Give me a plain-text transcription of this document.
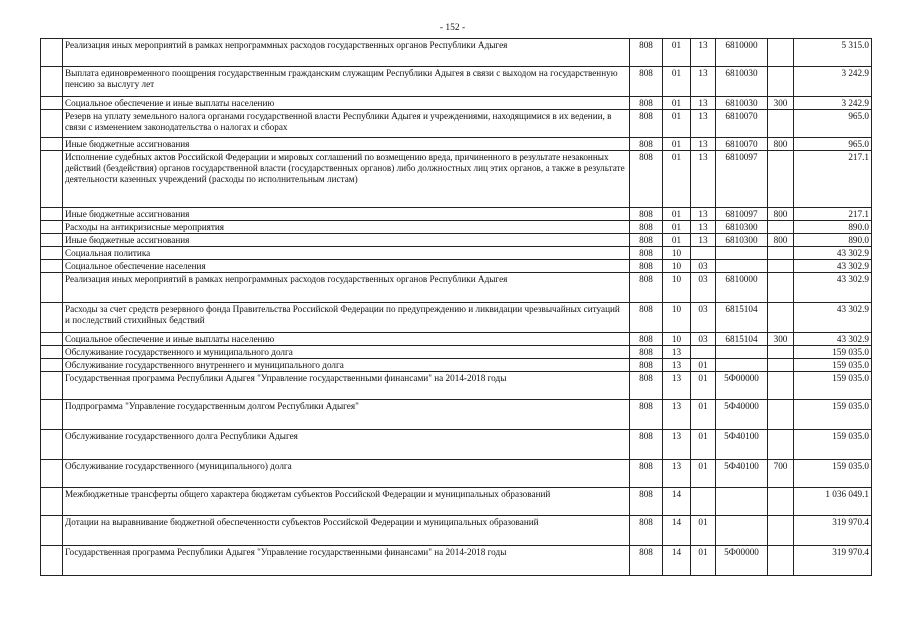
- 152 -
	Реализация иных мероприятий в рамках непрограммных расходов государственных органов Республики Адыгея	808	01	13	6810000		5 315.0
	Выплата единовременного поощрения государственным гражданским служащим Республики Адыгея в связи с выходом на государственную пенсию за выслугу лет	808	01	13	6810030		3 242.9
	Социальное обеспечение и иные выплаты населению	808	01	13	6810030	300	3 242.9
	Резерв на уплату земельного налога органами государственной власти Республики Адыгея и учреждениями, находящимися в их ведении, в связи с изменением законодательства о налогах и сборах	808	01	13	6810070		965.0
	Иные бюджетные ассигнования	808	01	13	6810070	800	965.0
	Исполнение судебных актов Российской Федерации и мировых соглашений по возмещению вреда, причиненного в результате незаконных действий (бездействия) органов государственной власти (государственных органов) либо должностных лиц этих органов, а также в результате деятельности казенных учреждений (расходы по исполнительным листам)	808	01	13	6810097		217.1
	Иные бюджетные ассигнования	808	01	13	6810097	800	217.1
	Расходы на антикризисные мероприятия	808	01	13	6810300		890.0
	Иные бюджетные ассигнования	808	01	13	6810300	800	890.0
	Социальная политика	808	10				43 302.9
	Социальное обеспечение населения	808	10	03			43 302.9
	Реализация иных мероприятий в рамках непрограммных расходов государственных органов Республики Адыгея	808	10	03	6810000		43 302.9
	Расходы за счет средств резервного фонда Правительства Российской Федерации по предупреждению и ликвидации чрезвычайных ситуаций и последствий стихийных бедствий	808	10	03	6815104		43 302.9
	Социальное обеспечение и иные выплаты населению	808	10	03	6815104	300	43 302.9
	Обслуживание государственного и муниципального долга	808	13				159 035.0
	Обслуживание государственного внутреннего и муниципального долга	808	13	01			159 035.0
	Государственная программа Республики Адыгея "Управление государственными финансами" на 2014-2018 годы	808	13	01	5Ф00000		159 035.0
	Подпрограмма "Управление государственным долгом Республики Адыгея"	808	13	01	5Ф40000		159 035.0
	Обслуживание государственного долга Республики Адыгея	808	13	01	5Ф40100		159 035.0
	Обслуживание государственного (муниципального) долга	808	13	01	5Ф40100	700	159 035.0
	Межбюджетные трансферты общего характера бюджетам субъектов Российской Федерации и муниципальных образований	808	14				1 036 049.1
	Дотации на выравнивание бюджетной обеспеченности субъектов Российской Федерации и муниципальных образований	808	14	01			319 970.4
	Государственная программа Республики Адыгея "Управление государственными финансами" на 2014-2018 годы	808	14	01	5Ф00000		319 970.4
